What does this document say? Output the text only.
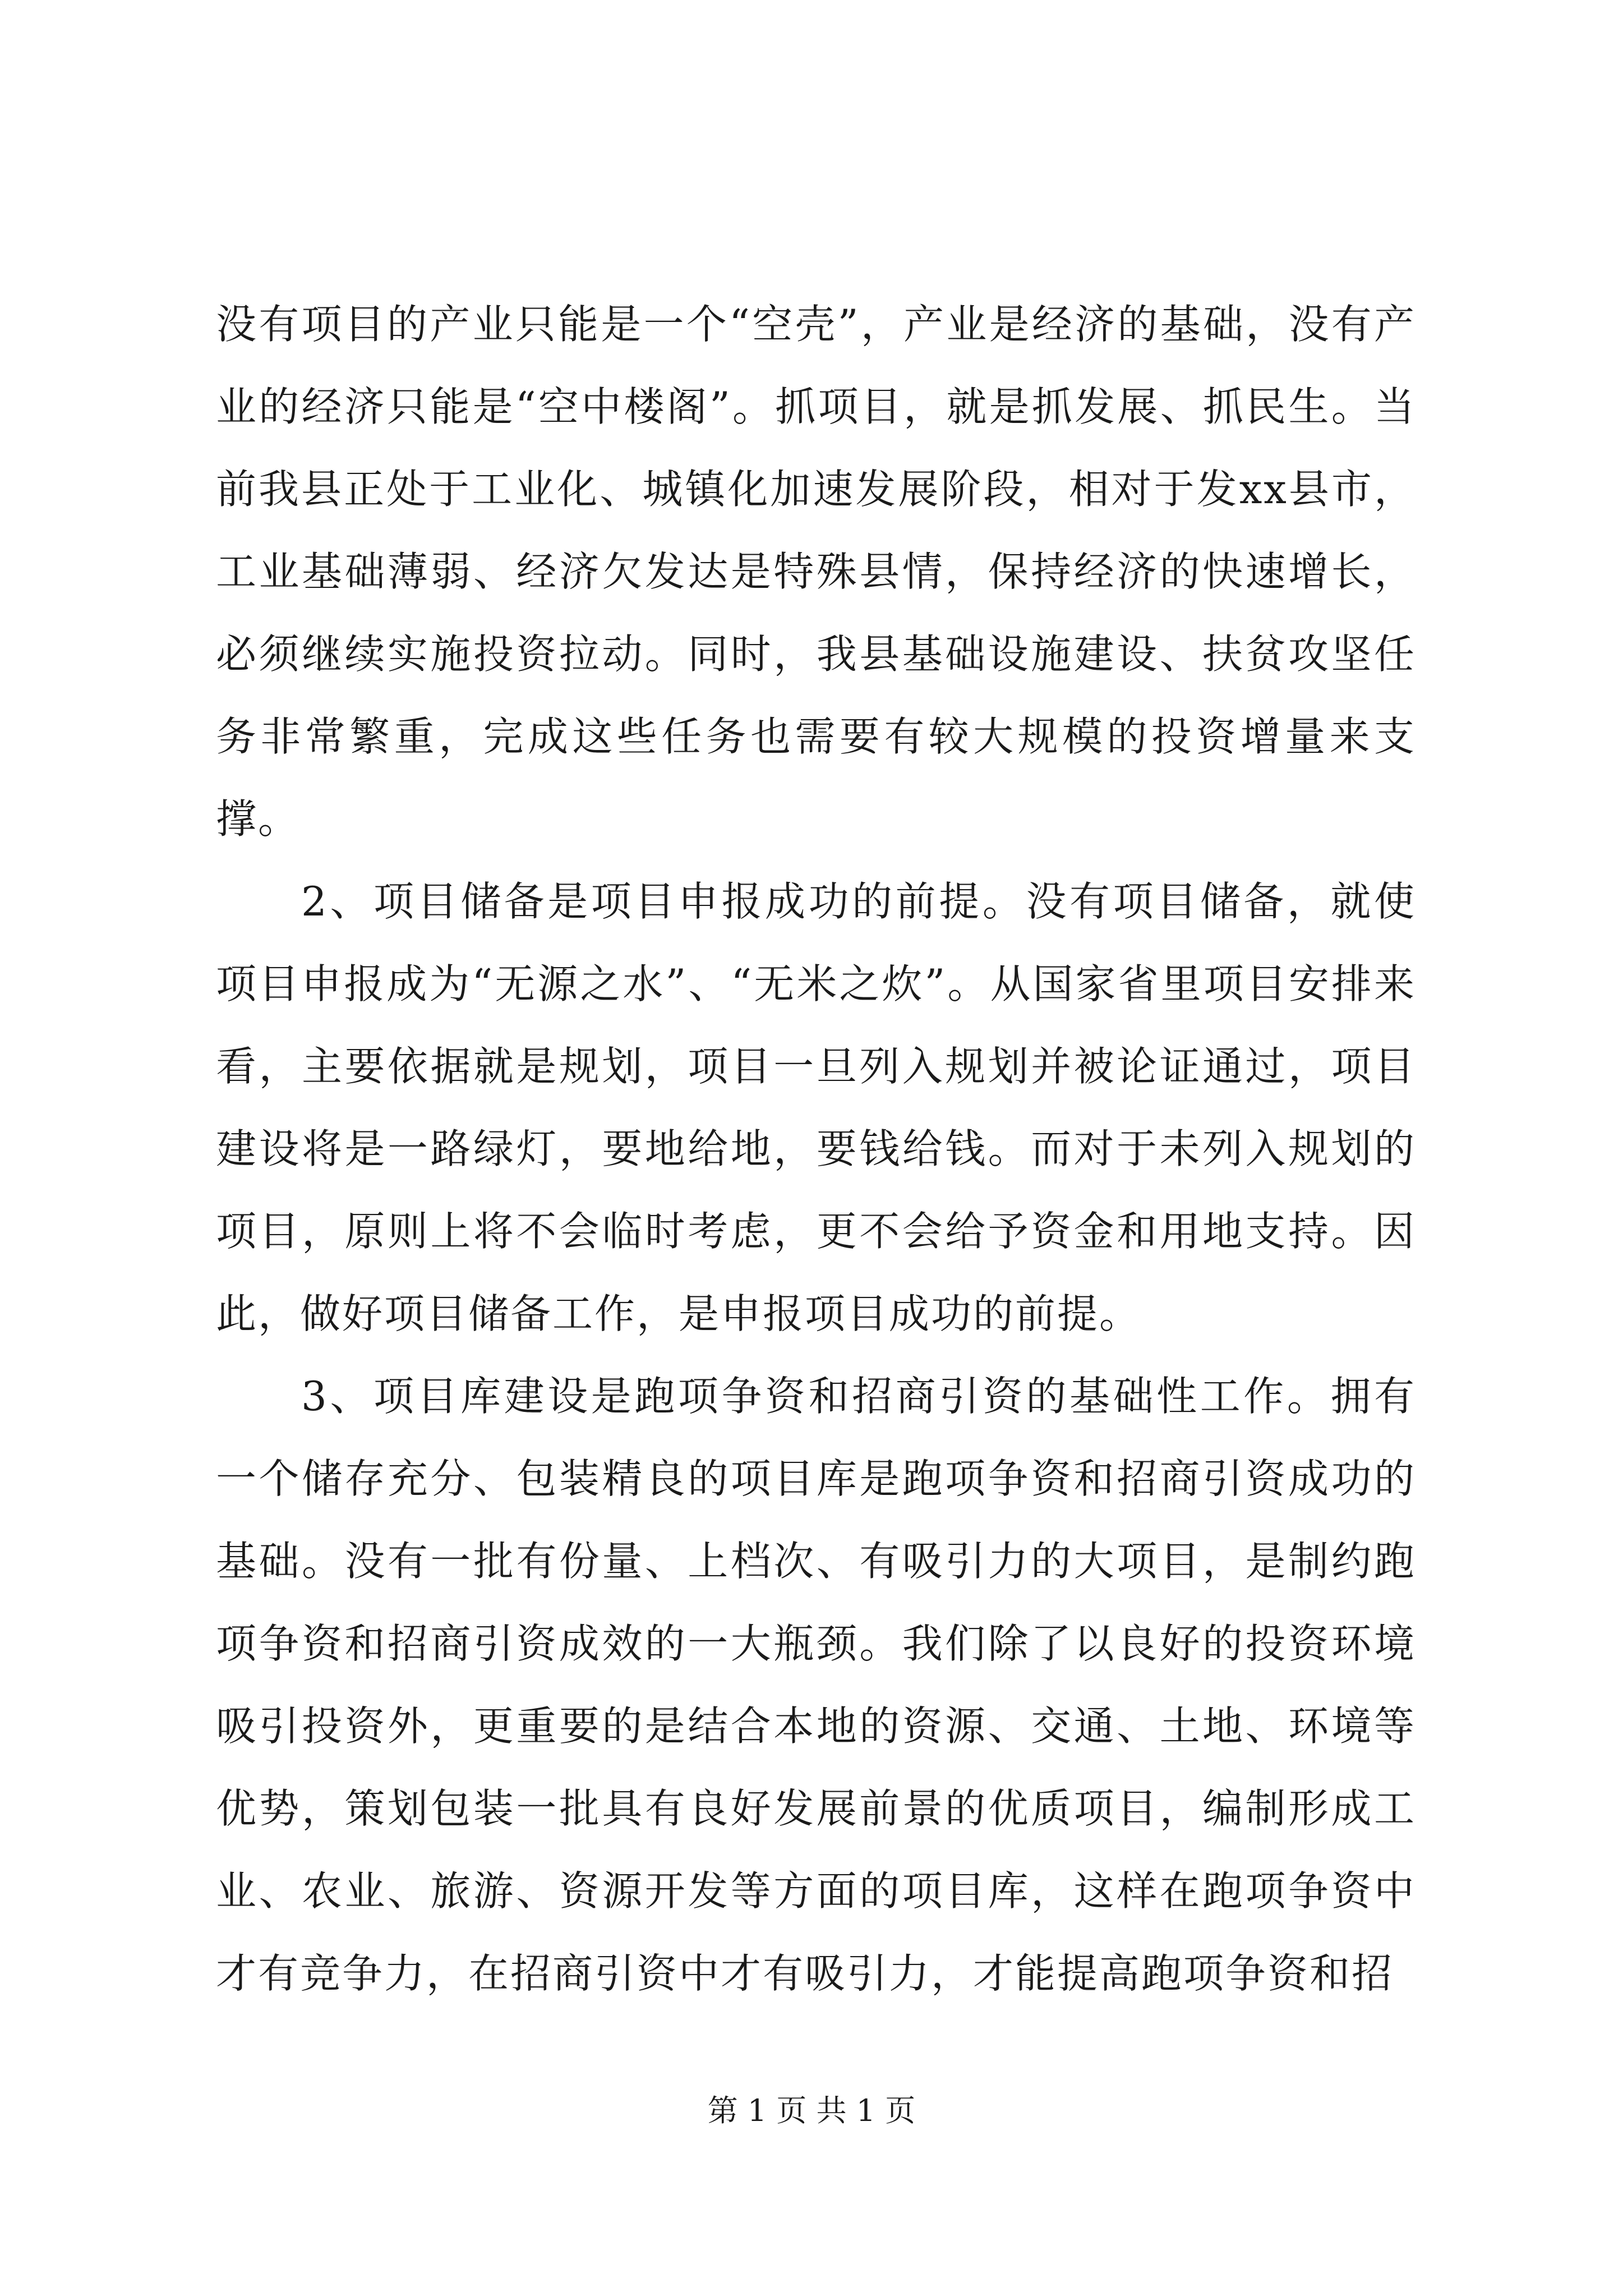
没有项目的产业只能是一个“空壳”，产业是经济的基础，没有产业的经济只能是“空中楼阁”。抓项目，就是抓发展、抓民生。当前我县正处于工业化、城镇化加速发展阶段，相对于发xx县市，工业基础薄弱、经济欠发达是特殊县情，保持经济的快速增长，必须继续实施投资拉动。同时，我县基础设施建设、扶贫攻坚任务非常繁重，完成这些任务也需要有较大规模的投资增量来支撑。

2、项目储备是项目申报成功的前提。没有项目储备，就使项目申报成为“无源之水”、“无米之炊”。从国家省里项目安排来看，主要依据就是规划，项目一旦列入规划并被论证通过，项目建设将是一路绿灯，要地给地，要钱给钱。而对于未列入规划的项目，原则上将不会临时考虑，更不会给予资金和用地支持。因此，做好项目储备工作，是申报项目成功的前提。

3、项目库建设是跑项争资和招商引资的基础性工作。拥有一个储存充分、包装精良的项目库是跑项争资和招商引资成功的基础。没有一批有份量、上档次、有吸引力的大项目，是制约跑项争资和招商引资成效的一大瓶颈。我们除了以良好的投资环境吸引投资外，更重要的是结合本地的资源、交通、土地、环境等优势，策划包装一批具有良好发展前景的优质项目，编制形成工业、农业、旅游、资源开发等方面的项目库，这样在跑项争资中才有竞争力，在招商引资中才有吸引力，才能提高跑项争资和招

第 1 页 共 1 页
